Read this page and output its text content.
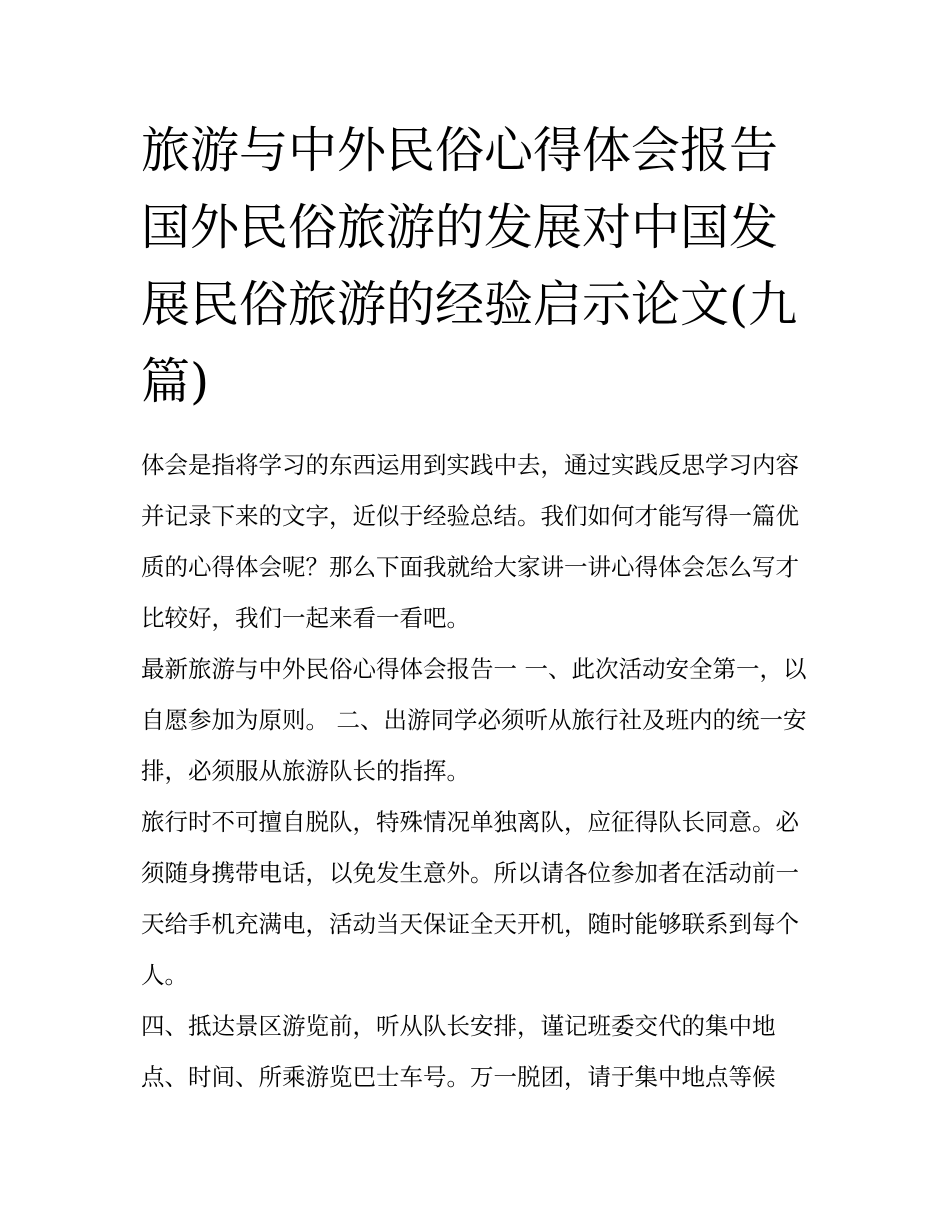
旅游与中外民俗心得体会报告国外民俗旅游的发展对中国发展民俗旅游的经验启示论文(九篇)

体会是指将学习的东西运用到实践中去，通过实践反思学习内容并记录下来的文字，近似于经验总结。我们如何才能写得一篇优质的心得体会呢？那么下面我就给大家讲一讲心得体会怎么写才比较好，我们一起来看一看吧。

最新旅游与中外民俗心得体会报告一 一、此次活动安全第一，以自愿参加为原则。 二、出游同学必须听从旅行社及班内的统一安排，必须服从旅游队长的指挥。

旅行时不可擅自脱队，特殊情况单独离队，应征得队长同意。必须随身携带电话，以免发生意外。所以请各位参加者在活动前一天给手机充满电，活动当天保证全天开机，随时能够联系到每个人。

四、抵达景区游览前，听从队长安排，谨记班委交代的集中地点、时间、所乘游览巴士车号。万一脱团，请于集中地点等候
